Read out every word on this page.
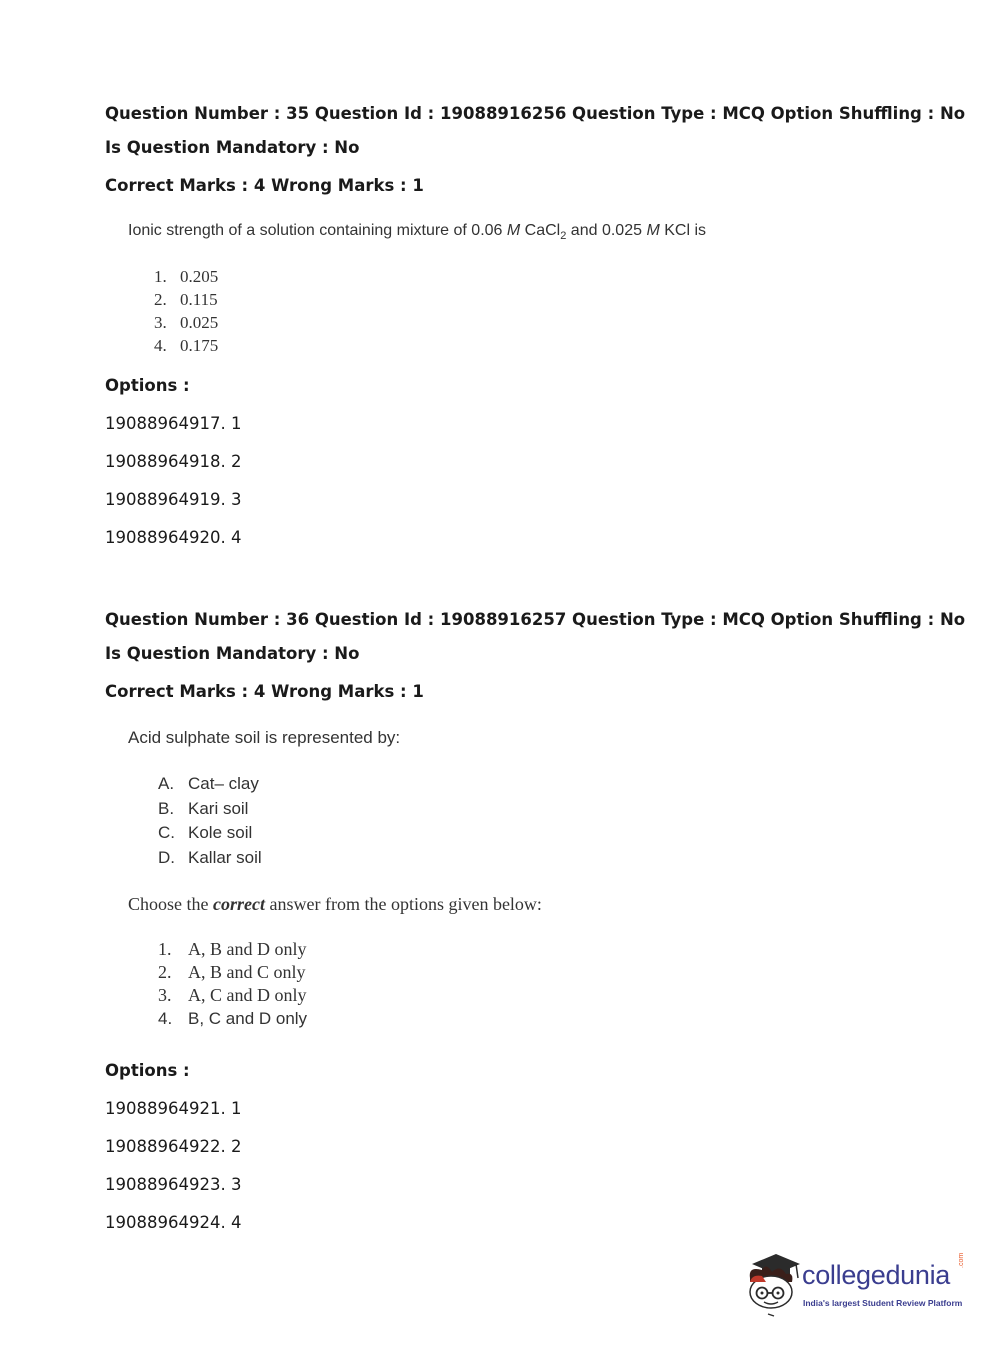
Question Number : 35 Question Id : 19088916256 Question Type : MCQ Option Shuffling : No
Is Question Mandatory : No
Correct Marks : 4 Wrong Marks : 1
Ionic strength of a solution containing mixture of 0.06 M CaCl$_2$ and 0.025 M KCl is
1. 0.205
2. 0.115
3. 0.025
4. 0.175
Options :
19088964917. 1
19088964918. 2
19088964919. 3
19088964920. 4
Question Number : 36 Question Id : 19088916257 Question Type : MCQ Option Shuffling : No
Is Question Mandatory : No
Correct Marks : 4 Wrong Marks : 1
Acid sulphate soil is represented by:
A. Cat– clay
B. Kari soil
C. Kole soil
D. Kallar soil
Choose the correct answer from the options given below:
1. A, B and D only
2. A, B and C only
3. A, C and D only
4. B, C and D only
Options :
19088964921. 1
19088964922. 2
19088964923. 3
19088964924. 4
collegedunia .com
India's largest Student Review Platform
